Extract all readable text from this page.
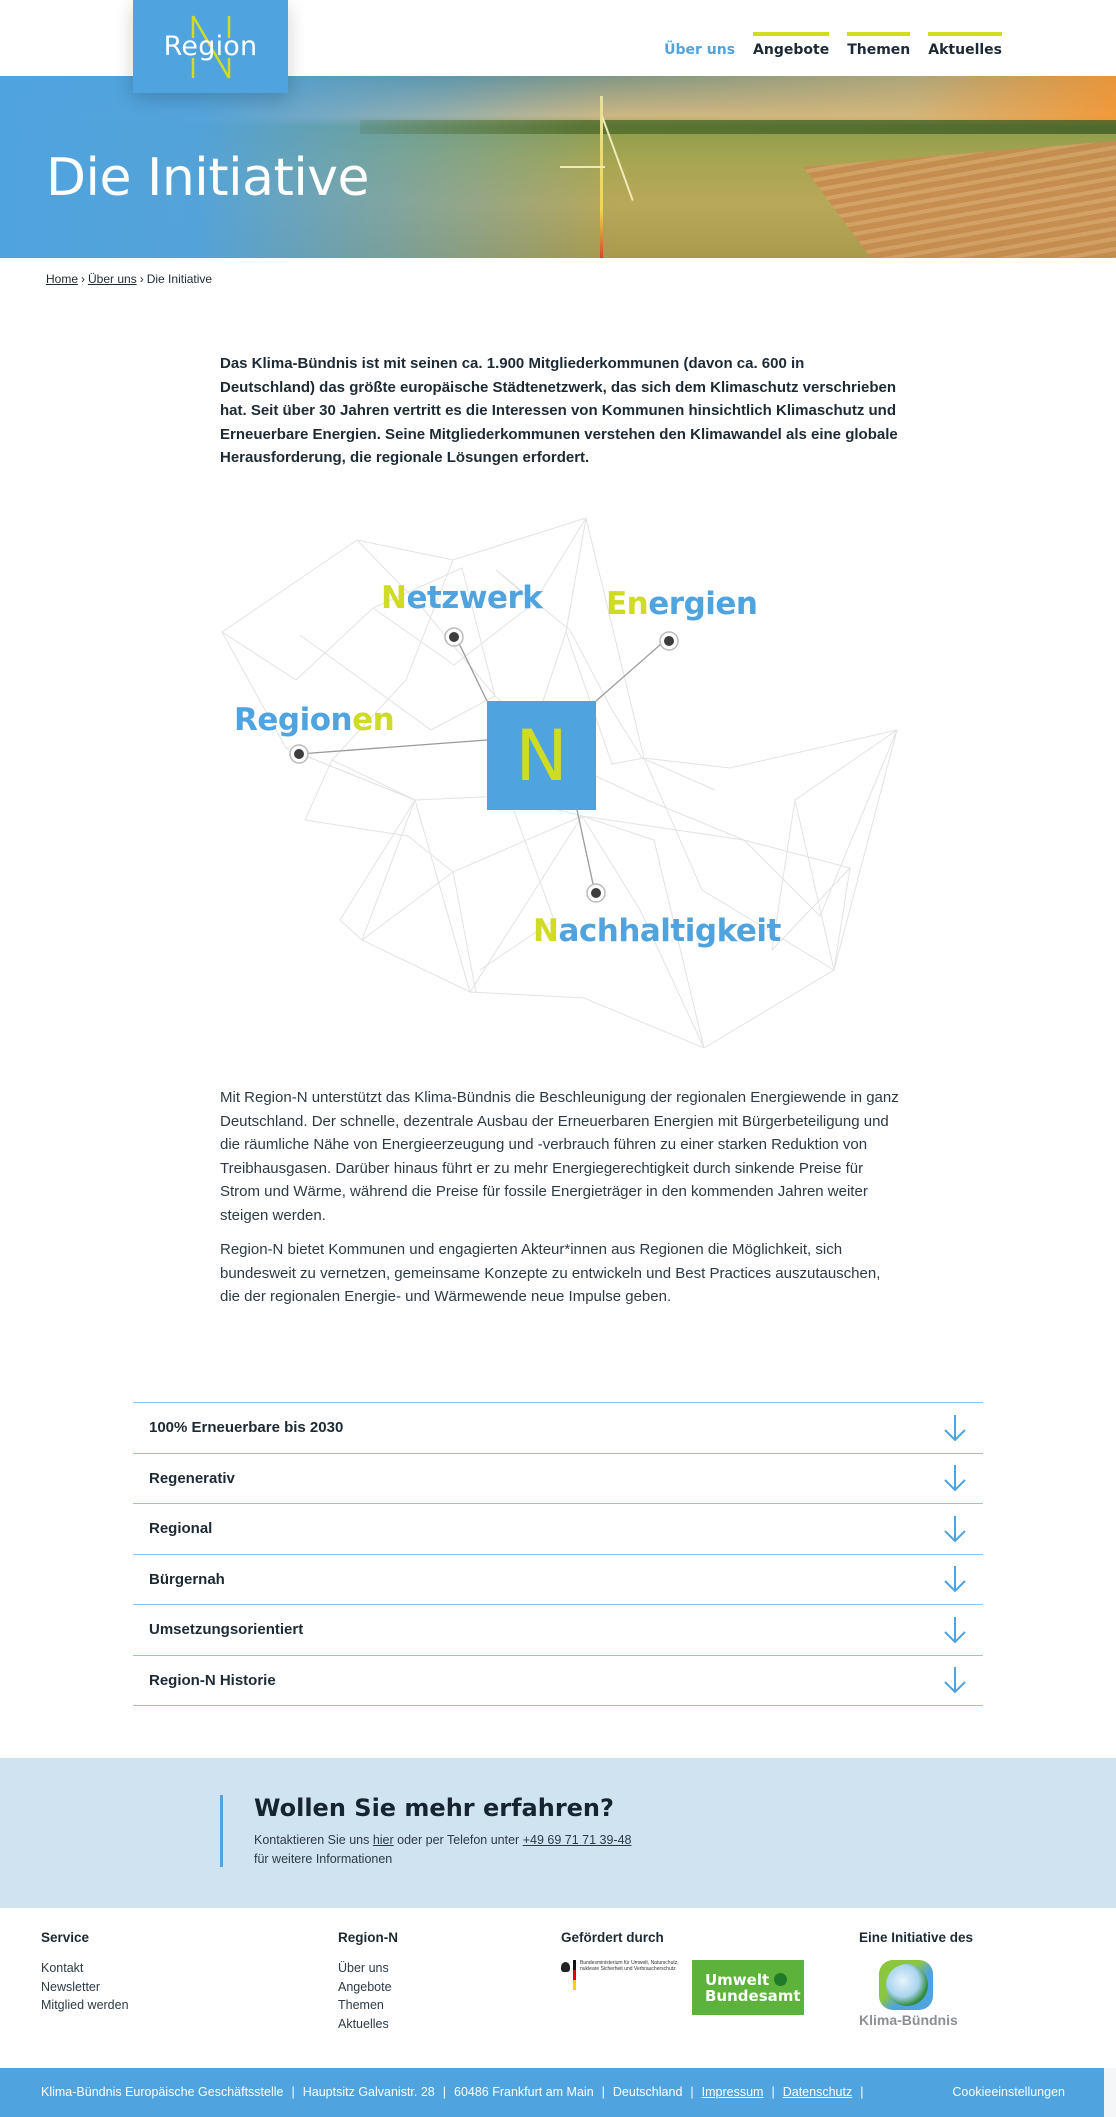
Region	Über uns Angebote Themen Aktuelles
Die Initiative
Home › Über uns › Die Initiative

Das Klima-Bündnis ist mit seinen ca. 1.900 Mitgliederkommunen (davon ca. 600 in Deutschland) das größte europäische Städtenetzwerk, das sich dem Klimaschutz verschrieben hat. Seit über 30 Jahren vertritt es die Interessen von Kommunen hinsichtlich Klimaschutz und Erneuerbare Energien. Seine Mitgliederkommunen verstehen den Klimawandel als eine globale Herausforderung, die regionale Lösungen erfordert.

Netzwerk Energien
Regionen
Nachhaltigkeit
N

Mit Region-N unterstützt das Klima-Bündnis die Beschleunigung der regionalen Energiewende in ganz Deutschland. Der schnelle, dezentrale Ausbau der Erneuerbaren Energien mit Bürgerbeteiligung und die räumliche Nähe von Energieerzeugung und -verbrauch führen zu einer starken Reduktion von Treibhausgasen. Darüber hinaus führt er zu mehr Energiegerechtigkeit durch sinkende Preise für Strom und Wärme, während die Preise für fossile Energieträger in den kommenden Jahren weiter steigen werden.

Region-N bietet Kommunen und engagierten Akteur*innen aus Regionen die Möglichkeit, sich bundesweit zu vernetzen, gemeinsame Konzepte zu entwickeln und Best Practices auszutauschen, die der regionalen Energie- und Wärmewende neue Impulse geben.

100% Erneuerbare bis 2030
Regenerativ
Regional
Bürgernah
Umsetzungsorientiert
Region-N Historie
Wollen Sie mehr erfahren?
Kontaktieren Sie uns hier oder per Telefon unter +49 69 71 71 39-48
für weitere Informationen
Service
Kontakt
Newsletter
Mitglied werden
Region-N
Über uns
Angebote
Themen
Aktuelles
Gefördert durch
Bundesministerium für Umwelt, Naturschutz, nukleare Sicherheit und Verbraucherschutz
Umwelt
Bundesamt
Eine Initiative des
Klima-Bündnis
Klima-Bündnis Europäische Geschäftsstelle | Hauptsitz Galvanistr. 28 | 60486 Frankfurt am Main | Deutschland | Impressum | Datenschutz |	Cookieeinstellungen
